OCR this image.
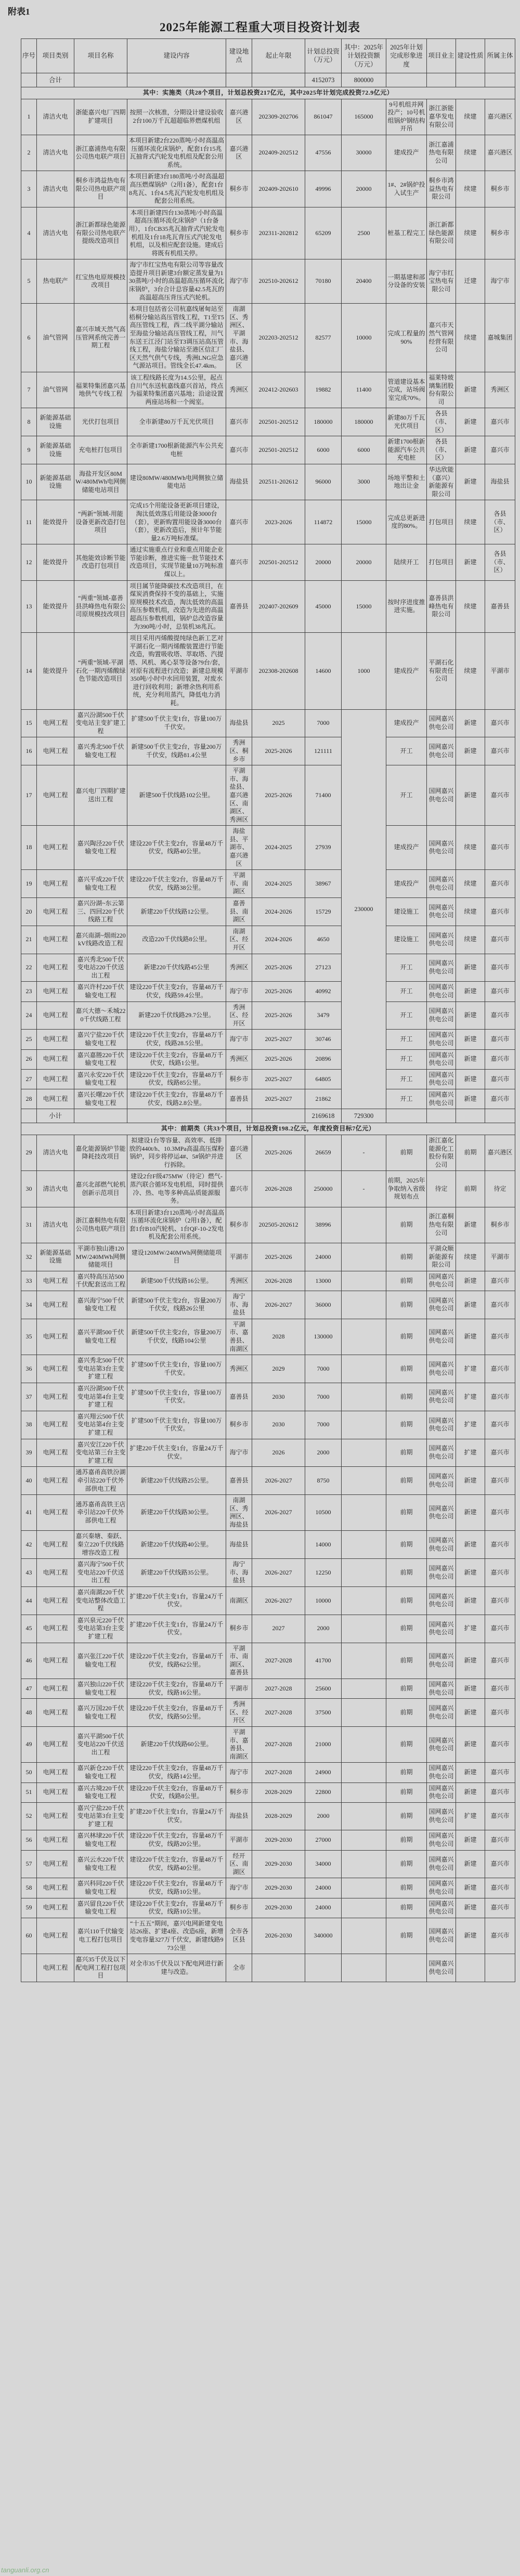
附表1
2025年能源工程重大项目投资计划表
序号	项目类别	项目名称	建设内容	建设地点	起止年限	计划总投资（万元）	其中：2025年计划投资额（万元）	2025年计划完成形象进度	项目业主	建设性质	所属主体
	合计					4152073	800000				
其中：实施类（共28个项目，计划总投资217亿元，其中2025年计划完成投资72.9亿元）											
1	清洁火电	浙能嘉兴电厂四期扩建项目	按照一次核准，分期设计建设验收2台100万千瓦超超临界燃煤机组	嘉兴港区	202309-202706	861047	165000	9号机组并网投产；10号机组锅炉钢结构开吊	浙江浙能嘉华发电有限公司	续建	嘉兴港区
2	清洁火电	浙江嘉浦热电有限公司热电联产项目	本项目新建2台220蒸吨/小时高温高压循环流化床锅炉，配套1台15兆瓦抽背式汽轮发电机组及配套公用系统。	嘉兴港区	202409-202512	47556	30000	建成投产	浙江嘉浦热电有限公司	续建	嘉兴港区
3	清洁火电	桐乡市鸿益热电有限公司热电联产项目	本项目新建3台180蒸吨/小时高温超高压燃煤锅炉（2用1备），配套1台8兆瓦、1台4.5兆瓦汽轮发电机组及配套公用系统。	桐乡市	202409-202610	49996	20000	1#、2#锅炉投入试生产	桐乡市鸿益热电有限公司	续建	桐乡市
4	清洁火电	浙江新都绿色能源有限公司热电联产提级改造项目	本项目新建四台130蒸吨/小时高温超高压循环流化床锅炉（1台备用），1台CB35兆瓦抽背式汽轮发电机组及1台18兆瓦背压式汽轮发电机组，以及相应配套设施。建成后将既有机组关停。	桐乡市	202311-202812	65209	2500	桩基工程完工	浙江新都绿色能源有限公司	续建	桐乡市
5	热电联产	红宝热电原规模技改项目	海宁市红宝热电有限公司等容量改造提升项目新建3台额定蒸发量为130蒸吨/小时的高温超高压循环流化床锅炉，3台合计总容量42.5兆瓦的高温超高压背压式汽轮机。	海宁市	202510-202612	70180	20400	一期基建和部分设备的安装	海宁市红宝热电有限公司	迁建	海宁市
6	油气管网	嘉兴市域天然气高压管网系统完善一期工程	本项目包括省公司杭嘉线屠甸站至梧桐分输站高压管线工程，T1至T5高压管线工程，西二线平湖分输站至海盐分输站高压管线工程，川气东送王江泾门站至T3调压站高压管线工程，海盐分输站至港区信汇厂区天然气供气专线，秀洲LNG应急气源站项目。管线全长47.4km。	南湖区、秀洲区、平湖市、海盐县、嘉兴港区	202203-202512	82577	10000	完成工程量的90%	嘉兴市天然气管网经营有限公司	续建	嘉城集团
7	油气管网	福莱特集团嘉兴基地供气专线工程	该工程线路长度为14.5公里，起点自川气东送杭嘉线嘉兴首站，终点为福莱特集团嘉兴基地；沿途设置两座站场和一个阀室。	秀洲区	202412-202603	19882	11400	管道建设基本完成，站场阀室完成70%。	福莱特玻璃集团股份有限公司	新建	秀洲区
8	新能源基础设施	光伏打包项目	全市新建80万千瓦光伏项目	嘉兴市	202501-202512	180000	180000	新建80万千瓦光伏项目	各县（市、区）	新建	嘉兴市
9	新能源基础设施	充电桩打包项目	全市新建1700根新能源汽车公共充电桩	嘉兴市	202501-202512	6000	6000	新建1700根新能源汽车公共充电桩	各县（市、区）	新建	嘉兴市
10	新能源基础设施	海盐开发区80MW/480MWh电网侧储能电站项目	建设80MW/480MWh电网侧独立储能电站	海盐县	202511-202612	96000	3000	场地平整和土地出让金	华达欣能（嘉兴）新能源有限公司	新建	海盐县
11	能效提升	“两新”领域-用能设备更新改造打包项目	完成15个用能设备更新项目建设，淘汰低效落后用能设备3000台（套），更新购置用能设备3000台（套），更新改造后，预计年节能量2.6万吨标准煤。	嘉兴市	2023-2026	114872	15000	完成总更新进度的80%。	打包项目	续建	各县（市、区）
12	能效提升	其他能效诊断节能改造打包项目	通过实施重点行业和重点用能企业节能诊断，推进实施一批节能技术改造项目，实现节能量10万吨标准煤以上。	嘉兴市	202501-202512	20000	20000	陆续开工	打包项目	新建	各县（市、区）
13	能效提升	“两重”领域-嘉善县洪峰热电有限公司原规模技改项目	项目属节能降碳技术改造项目，在煤炭消费保持不变的基础上，实施原规模技术改造，淘汰低效的高温高压参数机组，改造为先进的高温超高压参数机组，锅炉总改造容量为390吨/小时，总装机38兆瓦。	嘉善县	202407-202609	45000	15000	按时序进度推进实施。	嘉善县洪峰热电有限公司	续建	嘉善县
14	能效提升	“两重”领域-平湖石化一期丙烯酸绿色节能改造项目	项目采用丙烯酸提纯绿色新工艺对平湖石化一期丙烯酸装置进行节能改造，购置吸收塔、萃取塔、汽提塔、风机、离心泵等设备79台/套，对原有流程进行改造；新建总规模350吨/小时中水回用装置，对废水进行回收利用；新增余热利用系统，充分利用蒸汽，降低电力消耗。	平湖市	202308-202608	14600	1000	建成投产	平湖石化有限责任公司	续建	平湖市
15	电网工程	嘉兴汾湖500千伏变电站主变扩建工程	扩建500千伏主变1台，容量100万千伏安。	海盐县	2025	7000	230000	建成投产	国网嘉兴供电公司	新建	嘉兴市
16	电网工程	嘉兴秀北500千伏输变电工程	新建500千伏主变2台，容量200万千伏安，线路81.4公里	秀洲区、桐乡市	2025-2026	121111		开工	国网嘉兴供电公司	新建	嘉兴市
17	电网工程	嘉兴电厂四期扩建送出工程	新建500千伏线路102公里。	平湖市、海盐县、嘉兴港区、南湖区、秀洲区	2025-2026	71400		开工	国网嘉兴供电公司	新建	嘉兴市
18	电网工程	嘉兴陶泾220千伏输变电工程	建设220千伏主变2台，容量48万千伏安，线路40公里。	海盐县、平湖市、嘉兴港区	2024-2025	27939		建成投产	国网嘉兴供电公司	续建	嘉兴市
19	电网工程	嘉兴平成220千伏输变电工程	建设220千伏主变2台，容量48万千伏安，线路38公里。	平湖市、南湖区	2024-2025	38967		建成投产	国网嘉兴供电公司	续建	嘉兴市
20	电网工程	嘉兴汾湖~东云第三、四回220千伏线路工程	新建220千伏线路12公里。	嘉善县、南湖区	2024-2026	15729		建设施工	国网嘉兴供电公司	续建	嘉兴市
21	电网工程	嘉兴南湖~烟雨220kV线路改造工程	改造220千伏线路8公里。	南湖区、经开区	2024-2026	4650		建设施工	国网嘉兴供电公司	续建	嘉兴市
22	电网工程	嘉兴秀北500千伏变电站220千伏送出工程	新建220千伏线路45公里	秀洲区	2025-2026	27123		开工	国网嘉兴供电公司	新建	嘉兴市
23	电网工程	嘉兴许村220千伏输变电工程	建设220千伏主变2台，容量48万千伏安，线路59.4公里。	海宁市	2025-2026	40992		开工	国网嘉兴供电公司	新建	嘉兴市
24	电网工程	嘉兴大德～禾城220千伏线路工程	新建220千伏线路29.7公里。	秀洲区、经开区	2025-2026	3479		开工	国网嘉兴供电公司	新建	嘉兴市
25	电网工程	嘉兴宁盐220千伏输变电工程	建设220千伏主变2台，容量48万千伏安，线路28.5公里。	海宁市	2025-2027	30746		开工	国网嘉兴供电公司	新建	嘉兴市
26	电网工程	嘉兴嘉塍220千伏输变电工程	建设220千伏主变2台，容量48万千伏安，线路1公里。	秀洲区	2025-2026	20896		开工	国网嘉兴供电公司	新建	嘉兴市
27	电网工程	嘉兴永安220千伏输变电工程	建设220千伏主变2台，容量48万千伏安，线路85公里。	桐乡市	2025-2027	64805		开工	国网嘉兴供电公司	新建	嘉兴市
28	电网工程	嘉兴长曙220千伏输变电工程	建设220千伏主变2台，容量48万千伏安，线路2.8公里。	嘉善县	2025-2027	21862		开工	国网嘉兴供电公司	新建	嘉兴市
	小计					2169618	729300				
其中：前期类（共33个项目，计划总投资198.2亿元，年度投资目标7亿元）											
29	清洁火电	嘉化能源锅炉节能降耗技改项目	拟建设1台等容量、高效率、低排放的440t/h、10.3MPa高温高压煤粉锅炉，同步将停运4#、5#锅炉并进行拆除。	嘉兴港区	2025-2026	26659	-	前期	浙江嘉化能源化工股份有限公司	前期	嘉兴港区
30	清洁火电	嘉兴北部燃气轮机创新示范项目	建设2台F级475MW（待定）燃气-蒸汽联合循环发电机组，同时提供冷、热、电等多种高品质能源服务。	嘉兴市	2026-2028	250000	-	前期，2025年争取纳入省级规划布点	待定	前期	待定
31	清洁火电	浙江嘉桐热电有限公司热电联产项目	本项目新建3台120蒸吨/小时高温高压循环流化床锅炉（2用1备），配套1台B10汽轮机、1台QF-10-2发电机及配套公用系统。	桐乡市	202505-202612	38996		前期	浙江嘉桐热电有限公司	新建	桐乡市
32	新能源基础设施	平湖市独山港120MW/240MWh网侧储能项目	建设120MW/240MWh网侧储能项目	平湖市	2025-2026	24000		前期	平湖众顺新能源有限公司	续建	平湖市
33	电网工程	嘉兴特高压站500千伏配套送出工程	新建500千伏线路16公里。	秀洲区	2026-2028	13000		前期	国网嘉兴供电公司	新建	嘉兴市
34	电网工程	嘉兴海宁500千伏输变电工程	新建500千伏主变2台，容量200万千伏安，线路26公里	海宁市、海盐县	2026-2027	36000		前期	国网嘉兴供电公司	新建	嘉兴市
35	电网工程	嘉兴平湖500千伏输变电工程	新建500千伏主变2台，容量200万千伏安，线路104公里	平湖市、嘉善县、南湖区	2028	130000		前期	国网嘉兴供电公司	新建	嘉兴市
36	电网工程	嘉兴秀北500千伏变电站第3台主变扩建工程	扩建500千伏主变1台，容量100万千伏安。	秀洲区	2029	7000		前期	国网嘉兴供电公司	扩建	嘉兴市
37	电网工程	嘉兴汾湖500千伏变电站第4台主变扩建工程	扩建500千伏主变1台，容量100万千伏安。	嘉善县	2030	7000		前期	国网嘉兴供电公司	扩建	嘉兴市
38	电网工程	嘉兴翔云500千伏变电站第4台主变扩建工程	扩建500千伏主变1台，容量100万千伏安。	桐乡市	2030	7000		前期	国网嘉兴供电公司	扩建	嘉兴市
39	电网工程	嘉兴安江220千伏变电站第三台主变扩建工程	扩建220千伏主变1台，容量24万千伏安。	海宁市	2026	2000		前期	国网嘉兴供电公司	扩建	嘉兴市
40	电网工程	通苏嘉甬高铁汾湖牵引站220千伏外部供电工程	新建220千伏线路25公里。	嘉善县	2026-2027	8750		前期	国网嘉兴供电公司	新建	嘉兴市
41	电网工程	通苏嘉甬高铁王店牵引站220千伏外部供电工程	新建220千伏线路30公里。	南湖区、秀洲区、海盐县	2026-2027	10500		前期	国网嘉兴供电公司	新建	嘉兴市
42	电网工程	嘉兴秦塘、秦跃、秦立220千伏线路增容改造工程	新建220千伏线路40公里。	海盐县		14000		前期	国网嘉兴供电公司	新建	嘉兴市
43	电网工程	嘉兴海宁500千伏变电站220千伏送出工程	新建220千伏线路35公里。	海宁市、海盐县	2026-2027	12250		前期	国网嘉兴供电公司	新建	嘉兴市
44	电网工程	嘉兴南湖220千伏变电站整体改造工程	扩建220千伏主变1台，容量24万千伏安。	南湖区	2026-2027	10000		前期	国网嘉兴供电公司	新建	嘉兴市
45	电网工程	嘉兴泉元220千伏变电站第3台主变扩建工程	扩建220千伏主变1台，容量24万千伏安。	桐乡市	2027	2000		前期	国网嘉兴供电公司	扩建	嘉兴市
46	电网工程	嘉兴张江220千伏输变电工程	建设220千伏主变2台，容量48万千伏安，线路62公里。	平湖市、南湖区、嘉善县	2027-2028	41700		前期	国网嘉兴供电公司	新建	嘉兴市
47	电网工程	嘉兴独山220千伏输变电工程	建设220千伏主变2台，容量48万千伏安，线路16公里。	平湖市	2027-2028	25600		前期	国网嘉兴供电公司	新建	嘉兴市
48	电网工程	嘉兴万国220千伏输变电工程	建设220千伏主变2台，容量48万千伏安，线路50公里。	秀洲区、经开区	2027-2028	37500		前期	国网嘉兴供电公司	新建	嘉兴市
49	电网工程	嘉兴平湖500千伏变电站220千伏送出工程	新建220千伏线路60公里。	平湖市、嘉善县、南湖区	2027-2028	21000		前期	国网嘉兴供电公司	新建	嘉兴市
50	电网工程	嘉兴新仓220千伏输变电工程	建设220千伏主变2台，容量48万千伏安，线路14公里。	海宁市	2027-2028	24900		前期	国网嘉兴供电公司	新建	嘉兴市
51	电网工程	嘉兴古境220千伏输变电工程	建设220千伏主变2台，容量48万千伏安，线路8公里。	桐乡市	2028-2029	22800		前期	国网嘉兴供电公司	新建	嘉兴市
52	电网工程	嘉兴宁盐220千伏变电站第3台主变扩建工程	扩建220千伏主变1台，容量24万千伏安。	海盐县	2028-2029	2000		前期	国网嘉兴供电公司	扩建	嘉兴市
56	电网工程	嘉兴林埭220千伏输变电工程	建设220千伏主变2台，容量48万千伏安，线路20公里。	平湖市	2029-2030	27000		前期	国网嘉兴供电公司	新建	嘉兴市
57	电网工程	嘉兴云水220千伏输变电工程	建设220千伏主变2台，容量48万千伏安，线路40公里。	经开区、南湖区	2029-2030	34000		前期	国网嘉兴供电公司	新建	嘉兴市
58	电网工程	嘉兴科同220千伏输变电工程	建设220千伏主变2台，容量48万千伏安，线路10公里。	海宁市	2029-2030	24000		前期	国网嘉兴供电公司	新建	嘉兴市
59	电网工程	嘉兴留良220千伏输变电工程	建设220千伏主变2台，容量48万千伏安，线路10公里。	桐乡市	2029-2030	24000		前期	国网嘉兴供电公司	新建	嘉兴市
60	电网工程	嘉兴110千伏输变电工程打包项目	“十五五”期间，嘉兴电网新建变电站26座、扩建4座、改造6座，新增变电容量327万千伏安，新建线路973公里	全市各区县	2026-2030	340000		前期	国网嘉兴供电公司	新建	嘉兴市
	电网工程	嘉兴35千伏及以下配电网工程打包项目	对全市35千伏及以下配电网进行新建与改造。	全市					国网嘉兴供电公司		
tanguanli.org.cn
